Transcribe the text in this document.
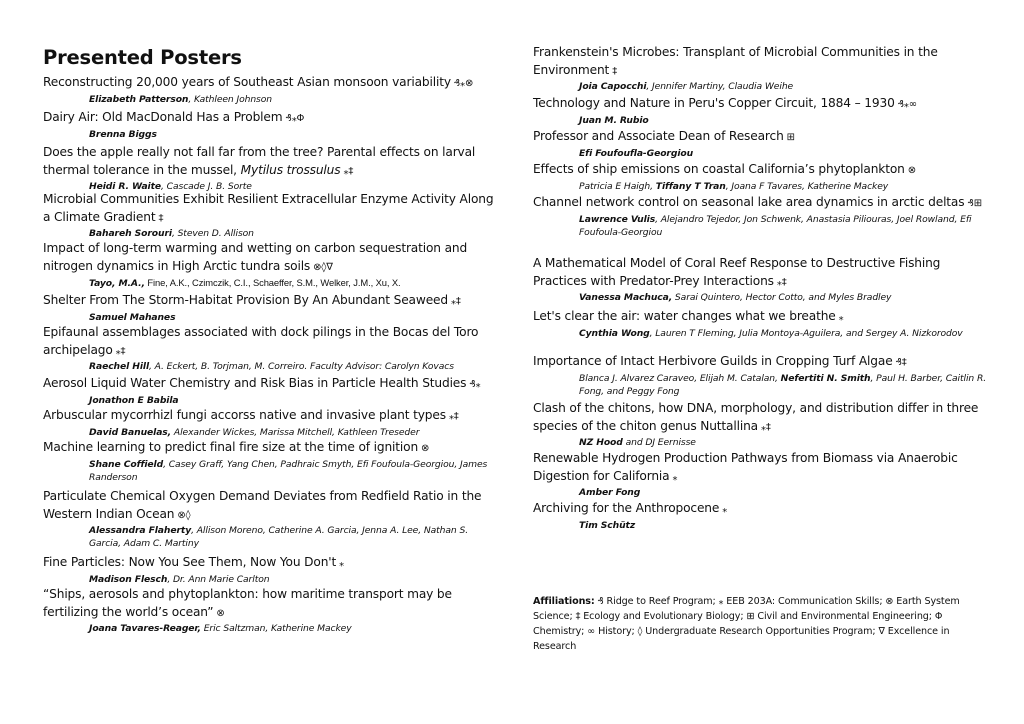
Presented Posters

Reconstructing 20,000 years of Southeast Asian monsoon variability ₰⁎⊗

Elizabeth Patterson, Kathleen Johnson

Dairy Air: Old MacDonald Has a Problem ₰⁎Φ

Brenna Biggs

Does the apple really not fall far from the tree? Parental effects on larval thermal tolerance in the mussel, Mytilus trossulus ⁎‡

Heidi R. Waite, Cascade J. B. Sorte

Microbial Communities Exhibit Resilient Extracellular Enzyme Activity Along a Climate Gradient ‡

Bahareh Sorouri, Steven D. Allison

Impact of long-term warming and wetting on carbon sequestration and nitrogen dynamics in High Arctic tundra soils ⊗◊∇

Tayo, M.A., Fine, A.K., Czimczik, C.I., Schaeffer, S.M., Welker, J.M., Xu, X.

Shelter From The Storm-Habitat Provision By An Abundant Seaweed ⁎‡

Samuel Mahanes

Epifaunal assemblages associated with dock pilings in the Bocas del Toro archipelago ⁎‡

Raechel Hill, A. Eckert, B. Torjman, M. Correiro. Faculty Advisor: Carolyn Kovacs

Aerosol Liquid Water Chemistry and Risk Bias in Particle Health Studies ₰⁎

Jonathon E Babila

Arbuscular mycorrhizl fungi accorss native and invasive plant types ⁎‡

David Banuelas, Alexander Wickes, Marissa Mitchell, Kathleen Treseder

Machine learning to predict final fire size at the time of ignition ⊗

Shane Coffield, Casey Graff, Yang Chen, Padhraic Smyth, Efi Foufoula-Georgiou, James Randerson

Particulate Chemical Oxygen Demand Deviates from Redfield Ratio in the Western Indian Ocean ⊗◊

Alessandra Flaherty, Allison Moreno, Catherine A. Garcia, Jenna A. Lee, Nathan S. Garcia, Adam C. Martiny

Fine Particles: Now You See Them, Now You Don't ⁎

Madison Flesch, Dr. Ann Marie Carlton

“Ships, aerosols and phytoplankton: how maritime transport may be fertilizing the world’s ocean” ⊗

Joana Tavares-Reager, Eric Saltzman, Katherine Mackey

Frankenstein's Microbes: Transplant of Microbial Communities in the Environment ‡

Joia Capocchi, Jennifer Martiny, Claudia Weihe

Technology and Nature in Peru's Copper Circuit, 1884 – 1930 ₰⁎∞

Juan M. Rubio

Professor and Associate Dean of Research ⊞

Efi Foufoufla-Georgiou

Effects of ship emissions on coastal California’s phytoplankton ⊗

Patricia E Haigh, Tiffany T Tran, Joana F Tavares, Katherine Mackey

Channel network control on seasonal lake area dynamics in arctic deltas ₰⊞

Lawrence Vulis, Alejandro Tejedor, Jon Schwenk, Anastasia Piliouras, Joel Rowland, Efi Foufoula-Georgiou

A Mathematical Model of Coral Reef Response to Destructive Fishing Practices with Predator-Prey Interactions ⁎‡

Vanessa Machuca, Sarai Quintero, Hector Cotto, and Myles Bradley

Let's clear the air: water changes what we breathe ⁎

Cynthia Wong, Lauren T Fleming, Julia Montoya-Aguilera, and Sergey A. Nizkorodov

Importance of Intact Herbivore Guilds in Cropping Turf Algae ₰‡

Blanca J. Alvarez Caraveo, Elijah M. Catalan, Nefertiti N. Smith, Paul H. Barber, Caitlin R. Fong, and Peggy Fong

Clash of the chitons, how DNA, morphology, and distribution differ in three species of the chiton genus Nuttallina ⁎‡

NZ Hood and DJ Eernisse

Renewable Hydrogen Production Pathways from Biomass via Anaerobic Digestion for California ⁎

Amber Fong

Archiving for the Anthropocene ⁎

Tim Schütz

Affiliations: ₰ Ridge to Reef Program; ⁎ EEB 203A: Communication Skills; ⊗ Earth System Science; ‡ Ecology and Evolutionary Biology; ⊞ Civil and Environmental Engineering; Φ Chemistry; ∞ History; ◊ Undergraduate Research Opportunities Program; ∇ Excellence in Research
